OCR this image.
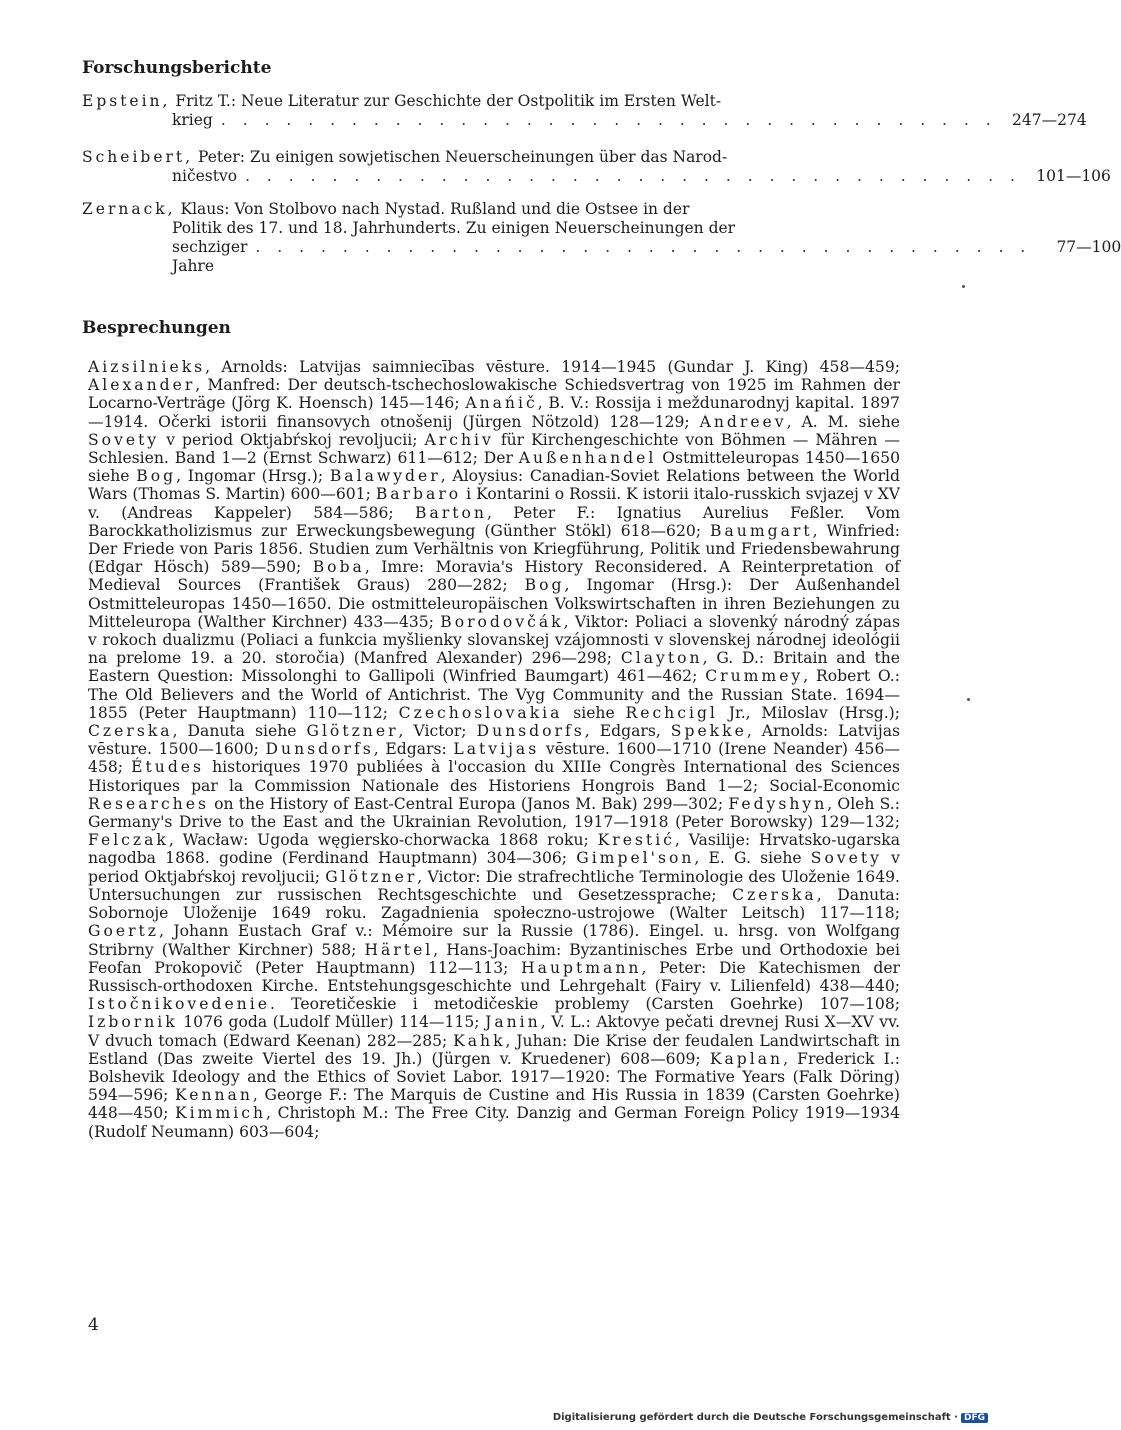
Forschungsberichte
Epstein, Fritz T.: Neue Literatur zur Geschichte der Ostpolitik im Ersten Welt-
krieg . . . . . . . . . . . . . . . . . . . . . . . . . . . . . . . . . . . . 247—274
Scheibert, Peter: Zu einigen sowjetischen Neuerscheinungen über das Narod-
ničestvo . . . . . . . . . . . . . . . . . . . . . . . . . . . . . . . . . . . . 101—106
Zernack, Klaus: Von Stolbovo nach Nystad. Rußland und die Ostsee in der
Politik des 17. und 18. Jahrhunderts. Zu einigen Neuerscheinungen der
sechziger Jahre
. . . . . . . . . . . . . . . . . . . . . . . . . . . . . . . . . . . .	77—100
Besprechungen

Aizsilnieks, Arnolds: Latvijas saimniecības vēsture. 1914—1945 (Gundar J. King) 458—459; Alexander, Manfred: Der deutsch-tschechoslowakische Schiedsvertrag von 1925 im Rahmen der Locarno-Verträge (Jörg K. Hoensch) 145—146; Anańič, B. V.: Rossija i meždunarodnyj kapital. 1897—1914. Očerki istorii finansovych otnošenij (Jürgen Nötzold) 128—129; Andreev, A. M. siehe Sovety v period Oktjabŕskoj revoljucii; Archiv für Kirchengeschichte von Böhmen — Mähren — Schlesien. Band 1—2 (Ernst Schwarz) 611—612; Der Außenhandel Ostmitteleuropas 1450—1650 siehe Bog, Ingomar (Hrsg.); Balawyder, Aloysius: Canadian-Soviet Relations between the World Wars (Thomas S. Martin) 600—601; Barbaro i Kontarini o Rossii. K istorii italo-russkich svjazej v XV v. (Andreas Kappeler) 584—586; Barton, Peter F.: Ignatius Aurelius Feßler. Vom Barockkatholizismus zur Erweckungsbewegung (Günther Stökl) 618—620; Baumgart, Winfried: Der Friede von Paris 1856. Studien zum Verhältnis von Kriegführung, Politik und Friedensbewahrung (Edgar Hösch) 589—590; Boba, Imre: Moravia's History Reconsidered. A Reinterpretation of Medieval Sources (František Graus) 280—282; Bog, Ingomar (Hrsg.): Der Außenhandel Ostmitteleuropas 1450—1650. Die ostmitteleuropäischen Volkswirtschaften in ihren Beziehungen zu Mitteleuropa (Walther Kirchner) 433—435; Borodovčák, Viktor: Poliaci a slovenký národný zápas v rokoch dualizmu (Poliaci a funkcia myšlienky slovanskej vzájomnosti v slovenskej národnej ideológii na prelome 19. a 20. storočia) (Manfred Alexander) 296—298; Clayton, G. D.: Britain and the Eastern Question: Missolonghi to Gallipoli (Winfried Baumgart) 461—462; Crummey, Robert O.: The Old Believers and the World of Antichrist. The Vyg Community and the Russian State. 1694—1855 (Peter Hauptmann) 110—112; Czechoslovakia siehe Rechcigl Jr., Miloslav (Hrsg.); Czerska, Danuta siehe Glötzner, Victor; Dunsdorfs, Edgars, Spekke, Arnolds: Latvijas vēsture. 1500—1600; Dunsdorfs, Edgars: Latvijas vēsture. 1600—1710 (Irene Neander) 456—458; Études historiques 1970 publiées à l'occasion du XIIIe Congrès International des Sciences Historiques par la Commission Nationale des Historiens Hongrois Band 1—2; Social-Economic Researches on the History of East-Central Europa (Janos M. Bak) 299—302; Fedyshyn, Oleh S.: Germany's Drive to the East and the Ukrainian Revolution, 1917—1918 (Peter Borowsky) 129—132; Felczak, Wacław: Ugoda węgiersko-chorwacka 1868 roku; Krestić, Vasilije: Hrvatsko-ugarska nagodba 1868. godine (Ferdinand Hauptmann) 304—306; Gimpel'son, E. G. siehe Sovety v period Oktjabŕskoj revoljucii; Glötzner, Victor: Die strafrechtliche Terminologie des Uloženie 1649. Untersuchungen zur russischen Rechtsgeschichte und Gesetzessprache; Czerska, Danuta: Sobornoje Uloženije 1649 roku. Zagadnienia społeczno-ustrojowe (Walter Leitsch) 117—118; Goertz, Johann Eustach Graf v.: Mémoire sur la Russie (1786). Eingel. u. hrsg. von Wolfgang Stribrny (Walther Kirchner) 588; Härtel, Hans-Joachim: Byzantinisches Erbe und Orthodoxie bei Feofan Prokopovič (Peter Hauptmann) 112—113; Hauptmann, Peter: Die Katechismen der Russisch-orthodoxen Kirche. Entstehungsgeschichte und Lehrgehalt (Fairy v. Lilienfeld) 438—440; Istočnikovedenie. Teoretičeskie i metodičeskie problemy (Carsten Goehrke) 107—108; Izbornik 1076 goda (Ludolf Müller) 114—115; Janin, V. L.: Aktovye pečati drevnej Rusi X—XV vv. V dvuch tomach (Edward Keenan) 282—285; Kahk, Juhan: Die Krise der feudalen Landwirtschaft in Estland (Das zweite Viertel des 19. Jh.) (Jürgen v. Kruedener) 608—609; Kaplan, Frederick I.: Bolshevik Ideology and the Ethics of Soviet Labor. 1917—1920: The Formative Years (Falk Döring) 594—596; Kennan, George F.: The Marquis de Custine and His Russia in 1839 (Carsten Goehrke) 448—450; Kimmich, Christoph M.: The Free City. Danzig and German Foreign Policy 1919—1934 (Rudolf Neumann) 603—604;

4
Digitalisierung gefördert durch die Deutsche Forschungsgemeinschaft · DFG
